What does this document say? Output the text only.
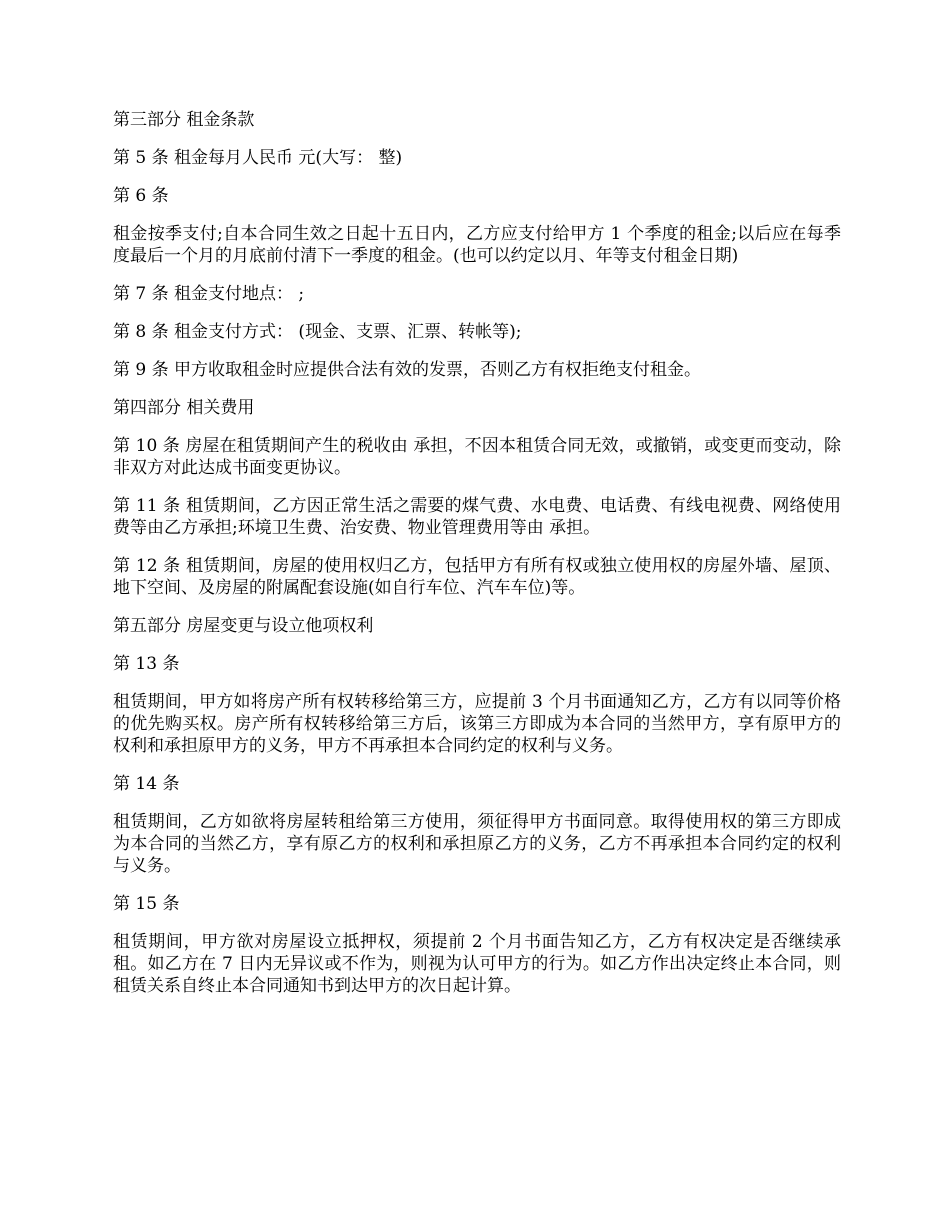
第三部分 租金条款

第 5 条 租金每月人民币 元(大写： 整)

第 6 条

租金按季支付;自本合同生效之日起十五日内，乙方应支付给甲方 1 个季度的租金;以后应在每季度最后一个月的月底前付清下一季度的租金。(也可以约定以月、年等支付租金日期)

第 7 条 租金支付地点： ;

第 8 条 租金支付方式： (现金、支票、汇票、转帐等);

第 9 条 甲方收取租金时应提供合法有效的发票，否则乙方有权拒绝支付租金。

第四部分 相关费用

第 10 条 房屋在租赁期间产生的税收由 承担，不因本租赁合同无效，或撤销，或变更而变动，除非双方对此达成书面变更协议。

第 11 条 租赁期间，乙方因正常生活之需要的煤气费、水电费、电话费、有线电视费、网络使用费等由乙方承担;环境卫生费、治安费、物业管理费用等由 承担。

第 12 条 租赁期间，房屋的使用权归乙方，包括甲方有所有权或独立使用权的房屋外墙、屋顶、地下空间、及房屋的附属配套设施(如自行车位、汽车车位)等。

第五部分 房屋变更与设立他项权利

第 13 条

租赁期间，甲方如将房产所有权转移给第三方，应提前 3 个月书面通知乙方，乙方有以同等价格的优先购买权。房产所有权转移给第三方后，该第三方即成为本合同的当然甲方，享有原甲方的权利和承担原甲方的义务，甲方不再承担本合同约定的权利与义务。

第 14 条

租赁期间，乙方如欲将房屋转租给第三方使用，须征得甲方书面同意。取得使用权的第三方即成为本合同的当然乙方，享有原乙方的权利和承担原乙方的义务，乙方不再承担本合同约定的权利与义务。

第 15 条

租赁期间，甲方欲对房屋设立抵押权，须提前 2 个月书面告知乙方，乙方有权决定是否继续承租。如乙方在 7 日内无异议或不作为，则视为认可甲方的行为。如乙方作出决定终止本合同，则租赁关系自终止本合同通知书到达甲方的次日起计算。
